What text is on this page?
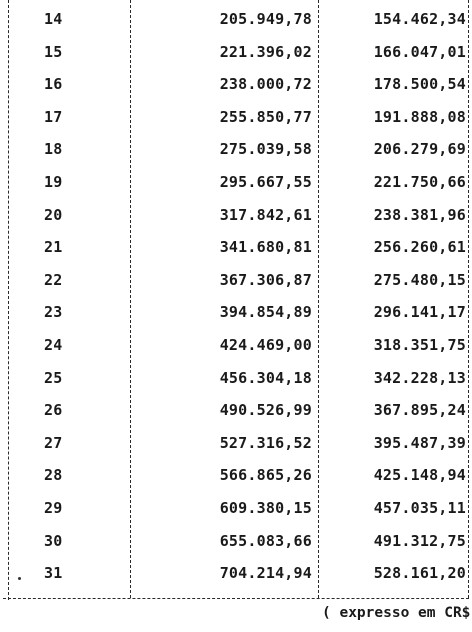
14	205.949,78	154.462,34
15	221.396,02	166.047,01
16	238.000,72	178.500,54
17	255.850,77	191.888,08
18	275.039,58	206.279,69
19	295.667,55	221.750,66
20	317.842,61	238.381,96
21	341.680,81	256.260,61
22	367.306,87	275.480,15
23	394.854,89	296.141,17
24	424.469,00	318.351,75
25	456.304,18	342.228,13
26	490.526,99	367.895,24
27	527.316,52	395.487,39
28	566.865,26	425.148,94
29	609.380,15	457.035,11
30	655.083,66	491.312,75
31	704.214,94	528.161,20
( expresso em CR$
